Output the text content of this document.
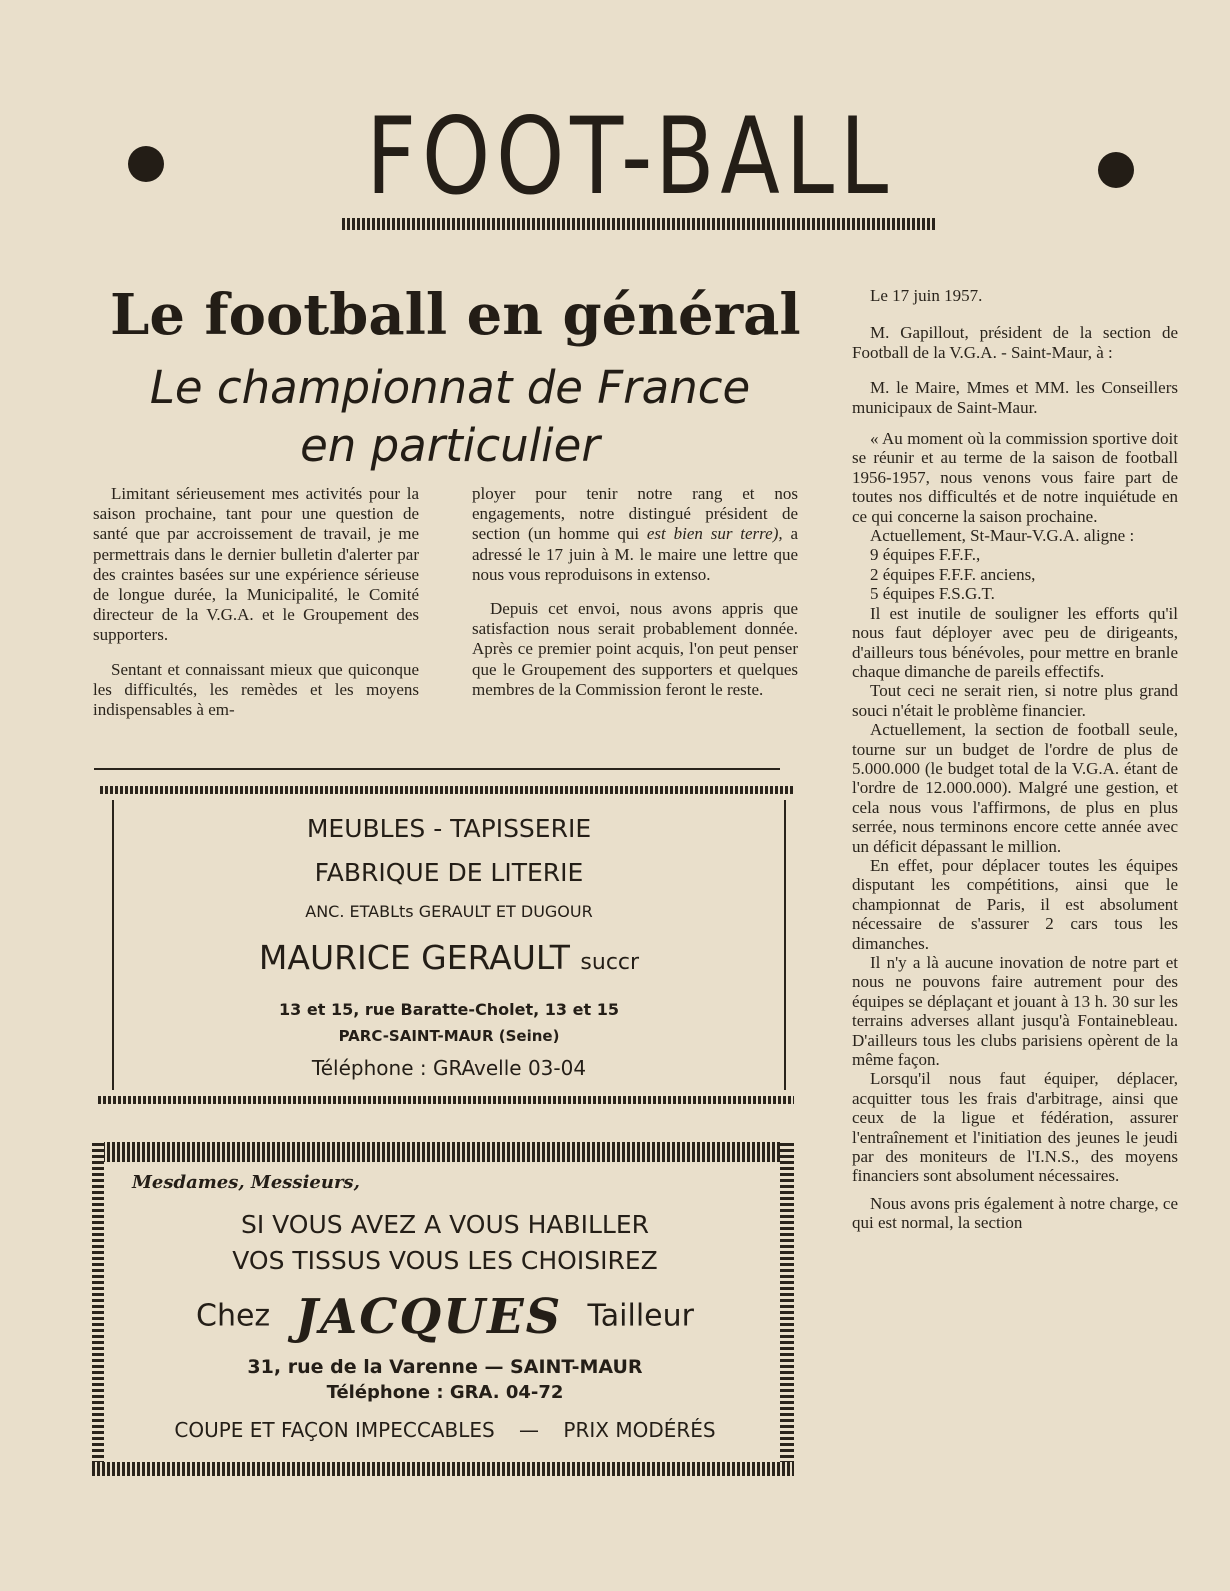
FOOT-BALL
Le football en général
Le championnat de France
en particulier

Limitant sérieusement mes activités pour la saison prochaine, tant pour une question de santé que par accroissement de travail, je me permettrais dans le dernier bulletin d'alerter par des craintes basées sur une expérience sérieuse de longue durée, la Municipalité, le Comité directeur de la V.G.A. et le Groupement des supporters.

Sentant et connaissant mieux que quiconque les difficultés, les remèdes et les moyens indispensables à em-

ployer pour tenir notre rang et nos engagements, notre distingué président de section (un homme qui est bien sur terre), a adressé le 17 juin à M. le maire une lettre que nous vous reproduisons in extenso.

Depuis cet envoi, nous avons appris que satisfaction nous serait probablement donnée. Après ce premier point acquis, l'on peut penser que le Groupement des supporters et quelques membres de la Commission feront le reste.

MEUBLES - TAPISSERIE
FABRIQUE DE LITERIE
ANC. ETABLts GERAULT ET DUGOUR
MAURICE GERAULT succr
13 et 15, rue Baratte-Cholet, 13 et 15
PARC-SAINT-MAUR (Seine)
Téléphone : GRAvelle 03-04
Mesdames, Messieurs,
SI VOUS AVEZ A VOUS HABILLER
VOS TISSUS VOUS LES CHOISIREZ
Chez JACQUES Tailleur
31, rue de la Varenne — SAINT-MAUR
Téléphone : GRA. 04-72
COUPE ET FAÇON IMPECCABLES — PRIX MODÉRÉS

Le 17 juin 1957.

M. Gapillout, président de la section de Football de la V.G.A. - Saint-Maur, à :

M. le Maire, Mmes et MM. les Conseillers municipaux de Saint-Maur.

« Au moment où la commission sportive doit se réunir et au terme de la saison de football 1956-1957, nous venons vous faire part de toutes nos difficultés et de notre inquiétude en ce qui concerne la saison prochaine.

Actuellement, St-Maur-V.G.A. aligne :

9 équipes F.F.F.,

2 équipes F.F.F. anciens,

5 équipes F.S.G.T.

Il est inutile de souligner les efforts qu'il nous faut déployer avec peu de dirigeants, d'ailleurs tous bénévoles, pour mettre en branle chaque dimanche de pareils effectifs.

Tout ceci ne serait rien, si notre plus grand souci n'était le problème financier.

Actuellement, la section de football seule, tourne sur un budget de l'ordre de plus de 5.000.000 (le budget total de la V.G.A. étant de l'ordre de 12.000.000). Malgré une gestion, et cela nous vous l'affirmons, de plus en plus serrée, nous terminons encore cette année avec un déficit dépassant le million.

En effet, pour déplacer toutes les équipes disputant les compétitions, ainsi que le championnat de Paris, il est absolument nécessaire de s'assurer 2 cars tous les dimanches.

Il n'y a là aucune inovation de notre part et nous ne pouvons faire autrement pour des équipes se déplaçant et jouant à 13 h. 30 sur les terrains adverses allant jusqu'à Fontainebleau. D'ailleurs tous les clubs parisiens opèrent de la même façon.

Lorsqu'il nous faut équiper, déplacer, acquitter tous les frais d'arbitrage, ainsi que ceux de la ligue et fédération, assurer l'entraînement et l'initiation des jeunes le jeudi par des moniteurs de l'I.N.S., des moyens financiers sont absolument nécessaires.

Nous avons pris également à notre charge, ce qui est normal, la section
